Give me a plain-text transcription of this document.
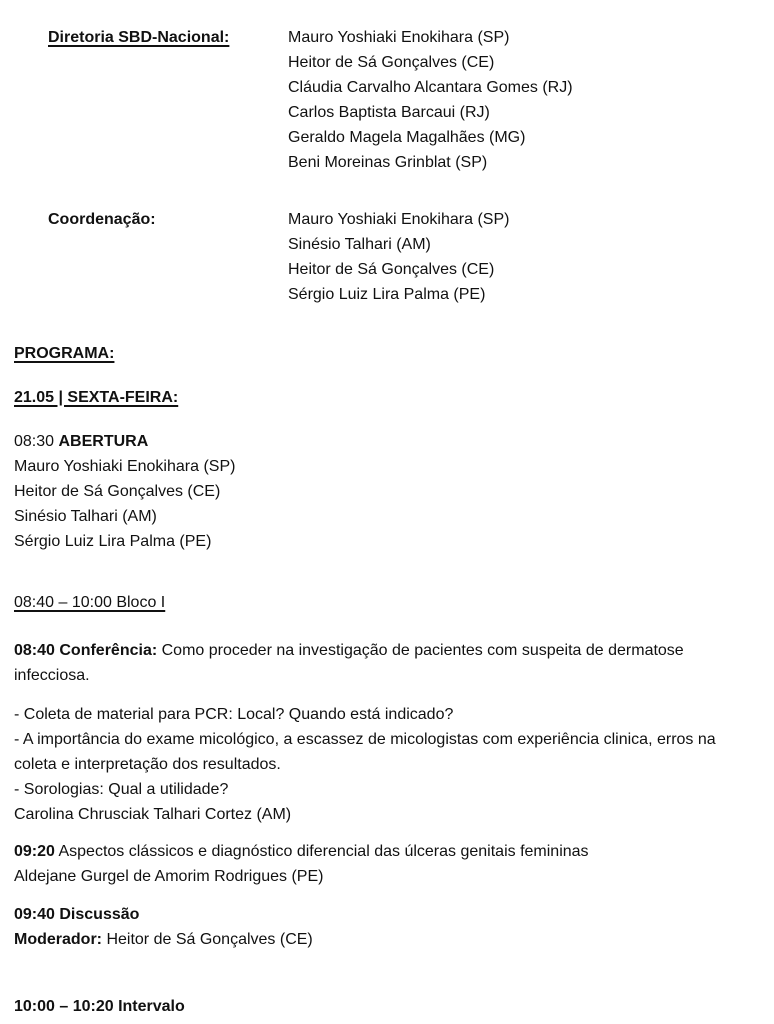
Diretoria SBD-Nacional:	Mauro Yoshiaki Enokihara (SP)
Heitor de Sá Gonçalves (CE)
Cláudia Carvalho Alcantara Gomes (RJ)
Carlos Baptista Barcaui (RJ)
Geraldo Magela Magalhães (MG)
Beni Moreinas Grinblat (SP)
Coordenação:	Mauro Yoshiaki Enokihara (SP)
Sinésio Talhari (AM)
Heitor de Sá Gonçalves (CE)
Sérgio Luiz Lira Palma (PE)
PROGRAMA:
21.05 | SEXTA-FEIRA:
08:30 ABERTURA
Mauro Yoshiaki Enokihara (SP)
Heitor de Sá Gonçalves (CE)
Sinésio Talhari (AM)
Sérgio Luiz Lira Palma (PE)
08:40 – 10:00 Bloco I
08:40 Conferência: Como proceder na investigação de pacientes com suspeita de dermatose
infecciosa.
- Coleta de material para PCR: Local? Quando está indicado?
- A importância do exame micológico, a escassez de micologistas com experiência clinica, erros na
coleta e interpretação dos resultados.
- Sorologias: Qual a utilidade?
Carolina Chrusciak Talhari Cortez (AM)
09:20 Aspectos clássicos e diagnóstico diferencial das úlceras genitais femininas
Aldejane Gurgel de Amorim Rodrigues (PE)
09:40 Discussão
Moderador: Heitor de Sá Gonçalves (CE)
10:00 – 10:20 Intervalo
